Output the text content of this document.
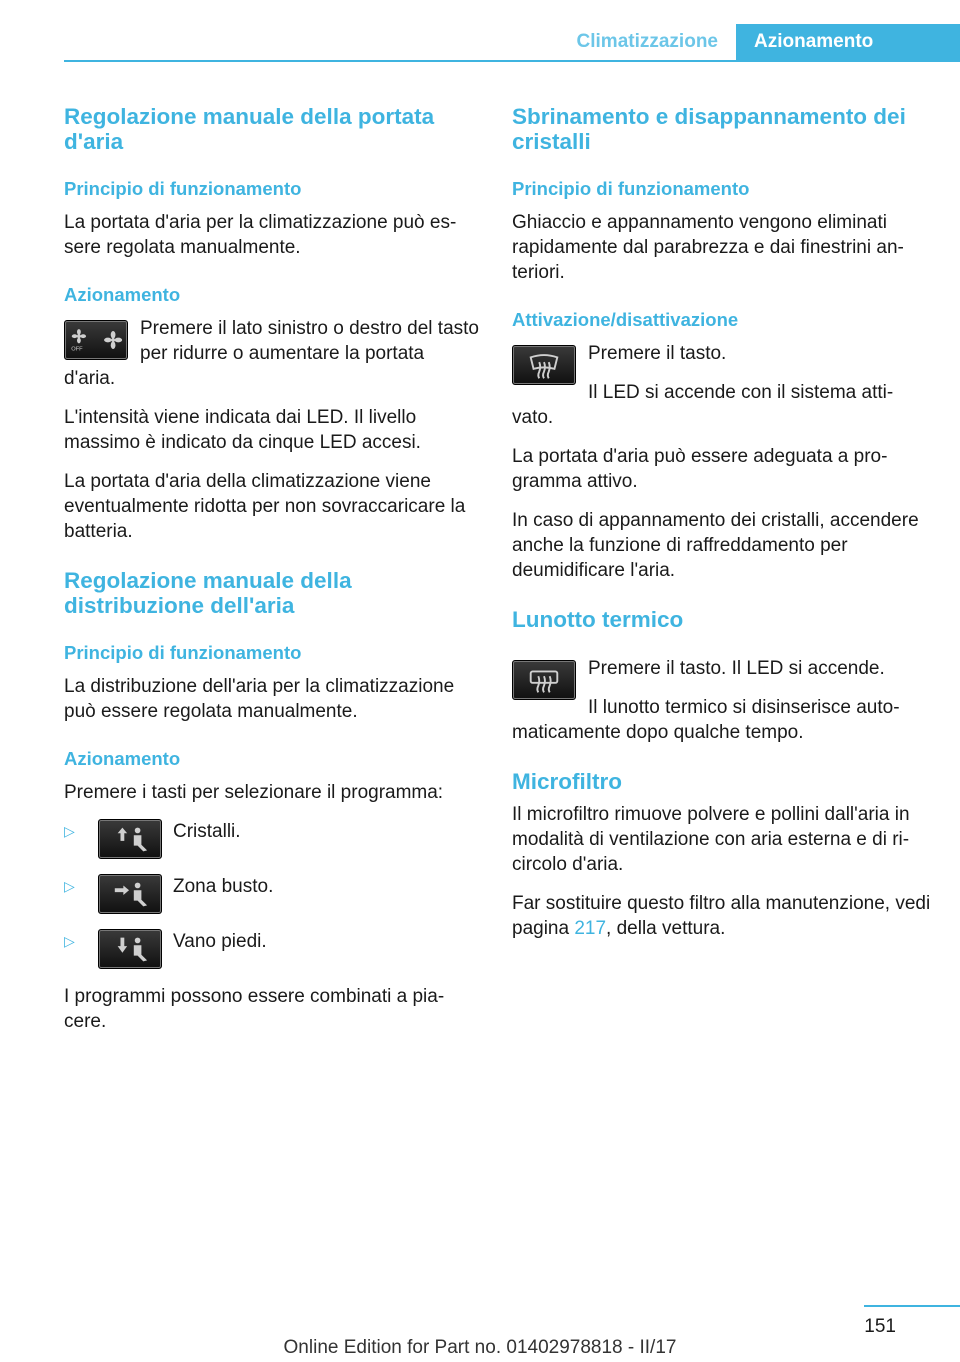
Climatizzazione	Azionamento
Regolazione manuale della portata d'aria
Principio di funzionamento

La portata d'aria per la climatizzazione può essere regolata manualmente.

Azionamento
OFF

Premere il lato sinistro o destro del tasto per ridurre o aumentare la portata d'aria.

L'intensità viene indicata dai LED. Il livello massimo è indicato da cinque LED accesi.

La portata d'aria della climatizzazione viene eventualmente ridotta per non sovraccaricare la batteria.

Regolazione manuale della distribuzione dell'aria
Principio di funzionamento

La distribuzione dell'aria per la climatizzazione può essere regolata manualmente.

Azionamento

Premere i tasti per selezionare il programma:

▷	Cristalli.
▷	Zona busto.
▷	Vano piedi.

I programmi possono essere combinati a piacere.

Sbrinamento e disappannamento dei cristalli
Principio di funzionamento

Ghiaccio e appannamento vengono eliminati rapidamente dal parabrezza e dai finestrini anteriori.

Attivazione/disattivazione

Premere il tasto.

Il LED si accende con il sistema attivato.

La portata d'aria può essere adeguata a programma attivo.

In caso di appannamento dei cristalli, accendere anche la funzione di raffreddamento per deumidificare l'aria.

Lunotto termico

Premere il tasto. Il LED si accende.

Il lunotto termico si disinserisce automaticamente dopo qualche tempo.

Microfiltro

Il microfiltro rimuove polvere e pollini dall'aria in modalità di ventilazione con aria esterna e di ricircolo d'aria.

Far sostituire questo filtro alla manutenzione, vedi pagina 217, della vettura.

151
Online Edition for Part no. 01402978818 - II/17
